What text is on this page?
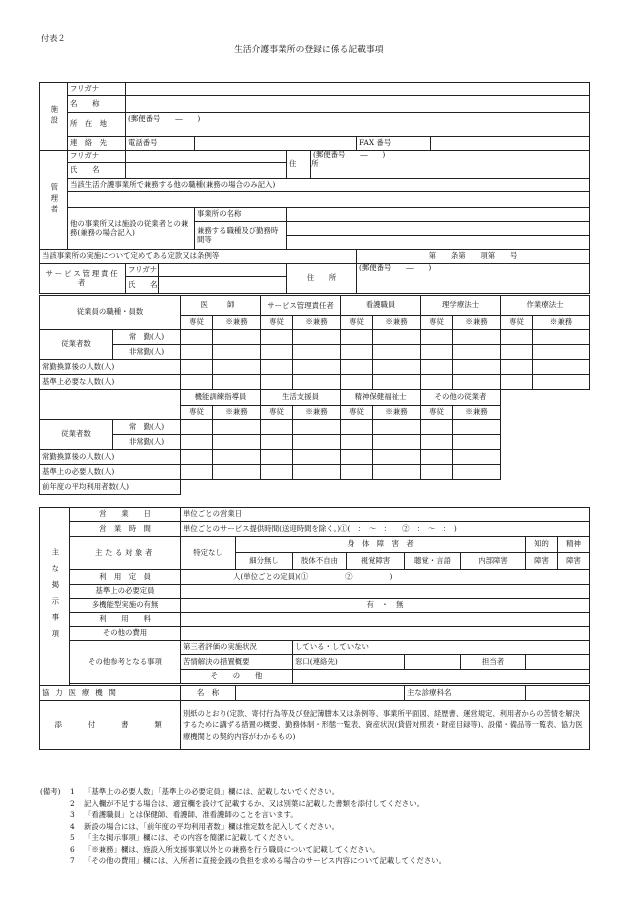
付表２
生活介護事業所の登録に係る記載事項
施設	フリガナ							
	名　　称							
	所　在　地	(郵便番号　　―　　)						

	連　絡　先	電話番号					FAX 番号	
管理者	フリガナ				住　　所	(郵便番号　　―　　)		
	氏　　名							
	当該生活介護事業所で兼務する他の職種(兼務の場合のみ記入)							

	他の事業所又は施設の従業者との兼務(兼務の場合記入)			事業所の名称				
				兼務する職種及び勤務時間等				

当該事業所の実施について定めてある定款又は条例等							第　　条第　　項第　　号	
サービス管理責任者		フリガナ			住　　所		(郵便番号　　―　　)	
		氏　　名						
従業員の職種・員数		医　師		サービス管理責任者		看護職員		理学療法士		作業療法士	
		専従	※兼務	専従	※兼務	専従	※兼務	専従	※兼務	専従	※兼務
従業者数	常　勤(人)										
	非常勤(人)										
常勤換算後の人数(人)											
基準上必要な人数(人)											
		機能訓練指導員		生活支援員		精神保健福祉士		その他の従業者			
		専従	※兼務	専従	※兼務	専従	※兼務	専従	※兼務		
従業者数	常　勤(人)										
	非常勤(人)										
常勤換算後の人数(人)											
基準上の必要人数(人)											
前年度の平均利用者数(人)											
主な掲示事項	営　　業　　日	単位ごとの営業日							
	営　業　時　間	単位ごとのサービス提供時間(送迎時間を除く。)①(　：　～　：　　②　：　～　：　)							
	主たる対象者	特定なし	身　体　障　害　者					知的	精神
			細分無し	肢体不自由	視覚障害	聴覚・言語	内部障害	障害	障害
	利　用　定　員	人(単位ごとの定員)(①　　　　　②　　　　　)							
	基準上の必要定員								
	多機能型実施の有無	有　・　無							
	利　　用　　料								
	その他の費用								
	その他参考となる事項	第三者評価の実施状況		している・していない					
		苦情解決の措置概要		窓口(連絡先)			担当者		
		そ　　の　　他							

協力医療機関		名　称				主な診療科名			
添　　付　　書　　類		別紙のとおり(定款、寄付行為等及び登記簿謄本又は条例等、事業所平面図、経歴書、運営規定、利用者からの苦情を解決するために講ずる措置の概要、勤務体制・形態一覧表、資産状況(貸借対照表・財産目録等)、設備・備品等一覧表、協力医療機関との契約内容がわかるもの)							
(備考)	1	「基準上の必要人数」「基準上の必要定員」欄には、記載しないでください。
2	記入欄が不足する場合は、適宜欄を設けて記載するか、又は別葉に記載した書類を添付してください。
3	「看護職員」とは保健師、看護師、准看護師のことを言います。
4	新設の場合には、「前年度の平均利用者数」欄は推定数を記入してください。
5	「主な掲示事項」欄には、その内容を簡潔に記載してください。
6	「※兼務」欄は、施設入所支援事業以外との兼務を行う職員について記載してください。
7	「その他の費用」欄には、入所者に直接金銭の負担を求める場合のサービス内容について記載してください。
